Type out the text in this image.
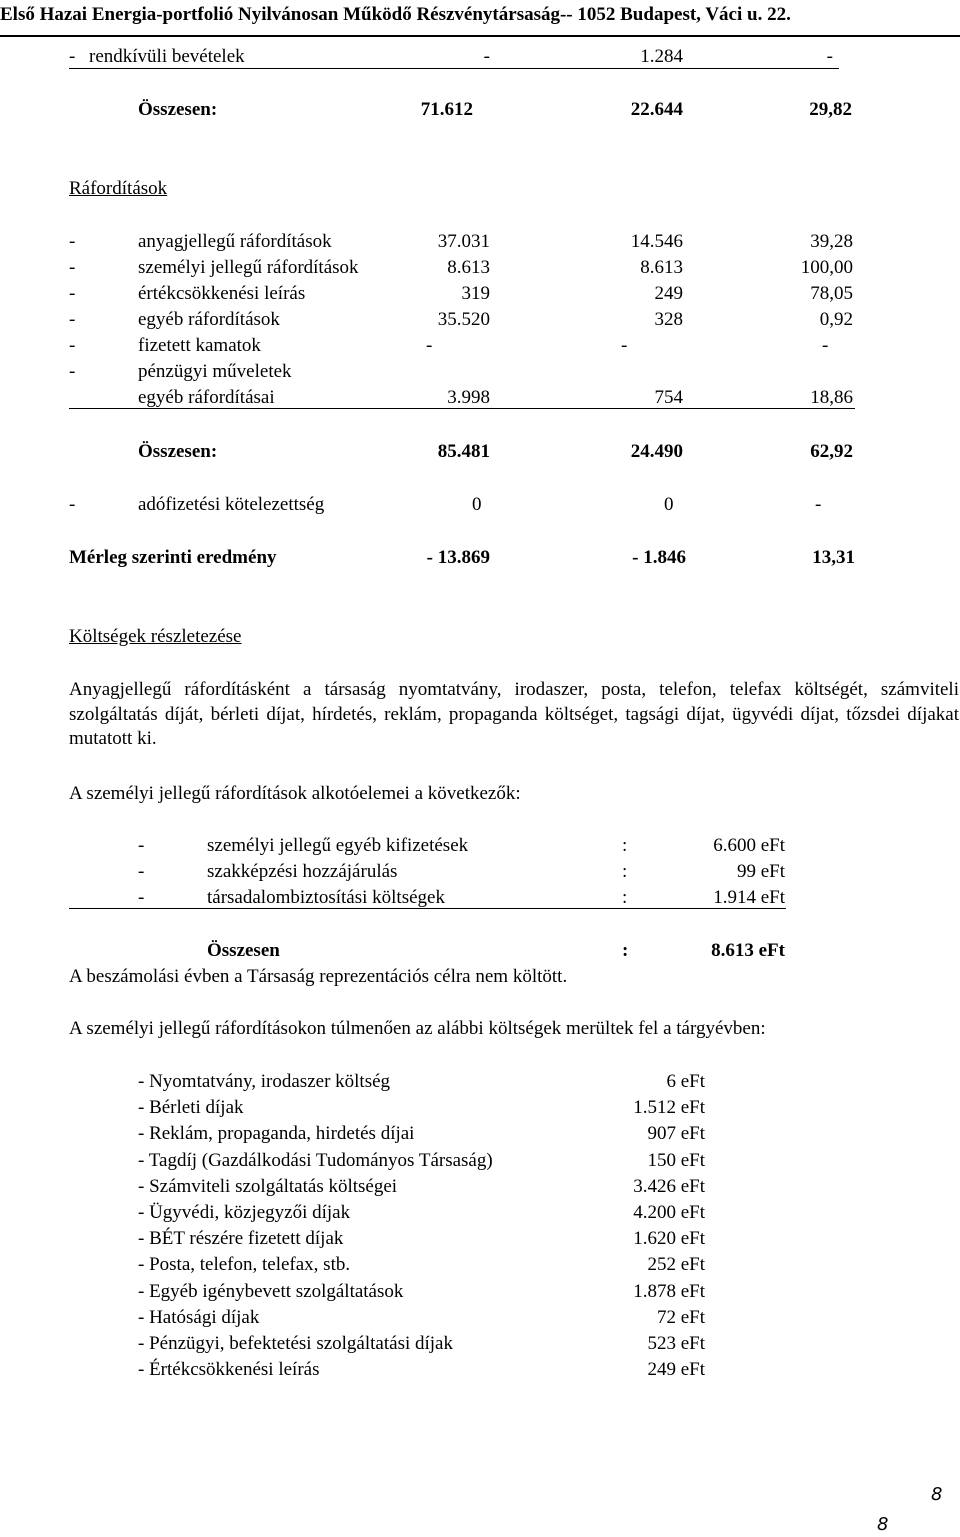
Első Hazai Energia-portfolió Nyilvánosan Működő Részvénytársaság-- 1052 Budapest, Váci u. 22.
- rendkívüli bevételek	-	1.284	-
Összesen:	71.612	22.644	29,82
Ráfordítások
-	anyagjellegű ráfordítások	37.031	14.546	39,28
-	személyi jellegű ráfordítások	8.613	8.613	100,00
-	értékcsökkenési leírás	319	249	78,05
-	egyéb ráfordítások	35.520	328	0,92
-	fizetett kamatok	-	-	-
-	pénzügyi műveletek
egyéb ráfordításai	3.998	754	18,86
Összesen:	85.481	24.490	62,92
-	adófizetési kötelezettség	0	0	-
Mérleg szerinti eredmény	- 13.869	- 1.846	13,31
Költségek részletezése
Anyagjellegű ráfordításként a társaság nyomtatvány, irodaszer, posta, telefon, telefax költségét, számviteli szolgáltatás díját, bérleti díjat, hírdetés, reklám, propaganda költséget, tagsági díjat, ügyvédi díjat, tőzsdei díjakat mutatott ki.
A személyi jellegű ráfordítások alkotóelemei a következők:
-	személyi jellegű egyéb kifizetések	:	6.600 eFt
-	szakképzési hozzájárulás	:	99 eFt
-	társadalombiztosítási költségek	:	1.914 eFt
Összesen	:	8.613 eFt
A beszámolási évben a Társaság reprezentációs célra nem költött.
A személyi jellegű ráfordításokon túlmenően az alábbi költségek merültek fel a tárgyévben:
- Nyomtatvány, irodaszer költség	6 eFt
- Bérleti díjak	1.512 eFt
- Reklám, propaganda, hirdetés díjai	907 eFt
- Tagdíj (Gazdálkodási Tudományos Társaság)	150 eFt
- Számviteli szolgáltatás költségei	3.426 eFt
- Ügyvédi, közjegyzői díjak	4.200 eFt
- BÉT részére fizetett díjak	1.620 eFt
- Posta, telefon, telefax, stb.	252 eFt
- Egyéb igénybevett szolgáltatások	1.878 eFt
- Hatósági díjak	72 eFt
- Pénzügyi, befektetési szolgáltatási díjak	523 eFt
- Értékcsökkenési leírás	249 eFt
8
8
